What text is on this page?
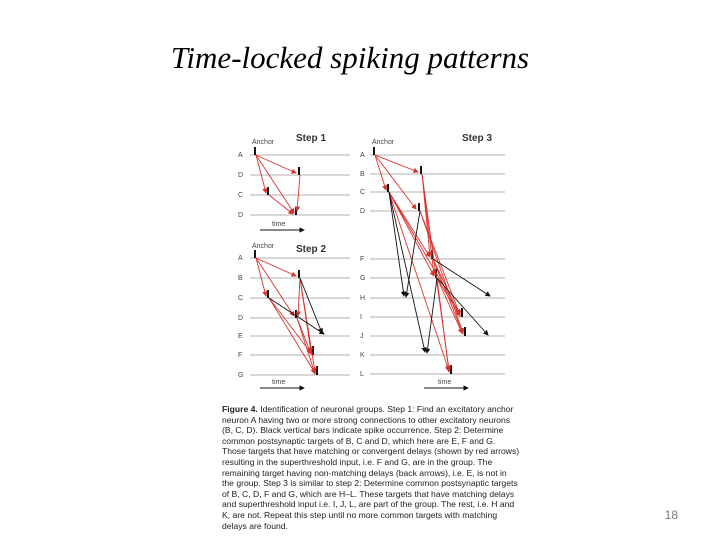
Time-locked spiking patterns
Anchor Step 1
A
D
C
D
time
Anchor Step 2
A
B
C
D
E
F
G
time
Anchor	Step 3
A
B
C
D
F
G
H
I
J
K
L
time
Figure 4. Identification of neuronal groups. Step 1: Find an excitatory anchor neuron A having two or more strong connections to other excitatory neurons (B, C, D). Black vertical bars indicate spike occurrence. Step 2: Determine common postsynaptic targets of B, C and D, which here are E, F and G. Those targets that have matching or convergent delays (shown by red arrows) resulting in the superthreshold input, i.e. F and G, are in the group. The remaining target having non-matching delays (back arrows), i.e. E, is not in the group. Step 3 is similar to step 2: Determine common postsynaptic targets of B, C, D, F and G, which are H–L. These targets that have matching delays and superthreshold input i.e. I, J, L, are part of the group. The rest, i.e. H and K, are not. Repeat this step until no more common targets with matching delays are found.
18
